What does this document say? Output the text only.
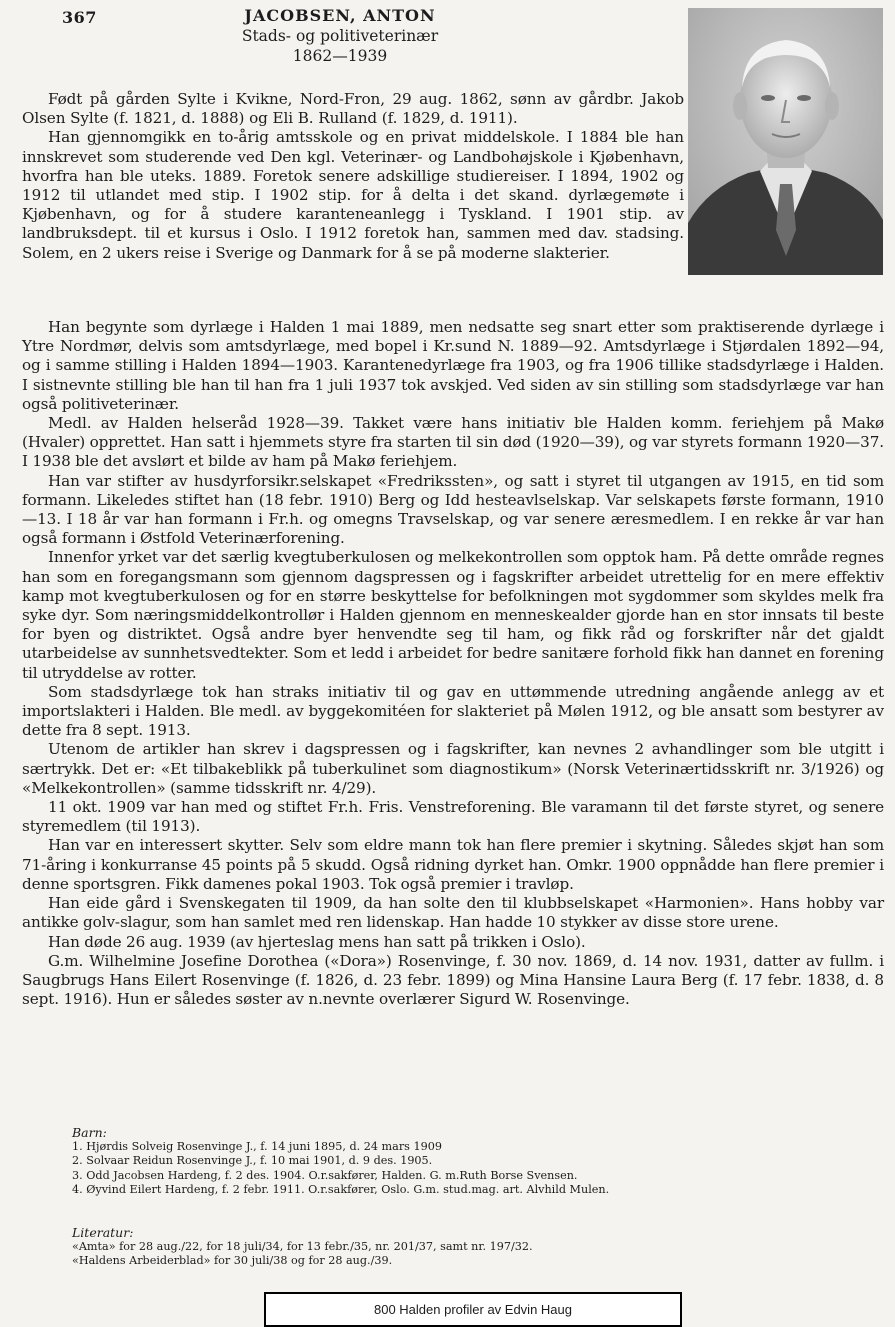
367	JACOBSEN, ANTON
Stads- og politiveterinær
1862—1939

Født på gården Sylte i Kvikne, Nord-Fron, 29 aug. 1862, sønn av gårdbr. Jakob Olsen Sylte (f. 1821, d. 1888) og Eli B. Rulland (f. 1829, d. 1911).

Han gjennomgikk en to-årig amtsskole og en privat middelskole. I 1884 ble han innskrevet som studerende ved Den kgl. Veterinær- og Landbohøjskole i Kjøbenhavn, hvorfra han ble uteks. 1889. Foretok senere adskillige studiereiser. I 1894, 1902 og 1912 til utlandet med stip. I 1902 stip. for å delta i det skand. dyrlægemøte i Kjøbenhavn, og for å studere karanteneanlegg i Tyskland. I 1901 stip. av landbruksdept. til et kursus i Oslo. I 1912 foretok han, sammen med dav. stadsing. Solem, en 2 ukers reise i Sverige og Danmark for å se på moderne slakterier.

Han begynte som dyrlæge i Halden 1 mai 1889, men nedsatte seg snart etter som praktiserende dyrlæge i Ytre Nordmør, delvis som amtsdyrlæge, med bopel i Kr.sund N. 1889—92. Amtsdyrlæge i Stjørdalen 1892—94, og i samme stilling i Halden 1894—1903. Karantenedyrlæge fra 1903, og fra 1906 tillike stadsdyrlæge i Halden. I sistnevnte stilling ble han til han fra 1 juli 1937 tok avskjed. Ved siden av sin stilling som stadsdyrlæge var han også politiveterinær.

Medl. av Halden helseråd 1928—39. Takket være hans initiativ ble Halden komm. feriehjem på Makø (Hvaler) opprettet. Han satt i hjemmets styre fra starten til sin død (1920—39), og var styrets formann 1920—37. I 1938 ble det avslørt et bilde av ham på Makø feriehjem.

Han var stifter av husdyrforsikr.selskapet «Fredrikssten», og satt i styret til utgangen av 1915, en tid som formann. Likeledes stiftet han (18 febr. 1910) Berg og Idd hesteavlselskap. Var selskapets første formann, 1910—13. I 18 år var han formann i Fr.h. og omegns Travselskap, og var senere æresmedlem. I en rekke år var han også formann i Østfold Veterinærforening.

Innenfor yrket var det særlig kvegtuberkulosen og melkekontrollen som opptok ham. På dette område regnes han som en foregangsmann som gjennom dagspressen og i fagskrifter arbeidet utrettelig for en mere effektiv kamp mot kvegtuberkulosen og for en større beskyttelse for befolkningen mot sygdommer som skyldes melk fra syke dyr. Som næringsmiddelkontrollør i Halden gjennom en menneskealder gjorde han en stor innsats til beste for byen og distriktet. Også andre byer henvendte seg til ham, og fikk råd og forskrifter når det gjaldt utarbeidelse av sunnhetsvedtekter. Som et ledd i arbeidet for bedre sanitære forhold fikk han dannet en forening til utryddelse av rotter.

Som stadsdyrlæge tok han straks initiativ til og gav en uttømmende utredning angående anlegg av et importslakteri i Halden. Ble medl. av byggekomitéen for slakteriet på Mølen 1912, og ble ansatt som bestyrer av dette fra 8 sept. 1913.

Utenom de artikler han skrev i dagspressen og i fagskrifter, kan nevnes 2 avhandlinger som ble utgitt i særtrykk. Det er: «Et tilbakeblikk på tuberkulinet som diagnostikum» (Norsk Veterinærtidsskrift nr. 3/1926) og «Melkekontrollen» (samme tidsskrift nr. 4/29).

11 okt. 1909 var han med og stiftet Fr.h. Fris. Venstreforening. Ble varamann til det første styret, og senere styremedlem (til 1913).

Han var en interessert skytter. Selv som eldre mann tok han flere premier i skytning. Således skjøt han som 71-åring i konkurranse 45 points på 5 skudd. Også ridning dyrket han. Omkr. 1900 oppnådde han flere premier i denne sportsgren. Fikk damenes pokal 1903. Tok også premier i travløp.

Han eide gård i Svenskegaten til 1909, da han solte den til klubbselskapet «Harmonien». Hans hobby var antikke golv-slagur, som han samlet med ren lidenskap. Han hadde 10 stykker av disse store urene.

Han døde 26 aug. 1939 (av hjerteslag mens han satt på trikken i Oslo).

G.m. Wilhelmine Josefine Dorothea («Dora») Rosenvinge, f. 30 nov. 1869, d. 14 nov. 1931, datter av fullm. i Saugbrugs Hans Eilert Rosenvinge (f. 1826, d. 23 febr. 1899) og Mina Hansine Laura Berg (f. 17 febr. 1838, d. 8 sept. 1916). Hun er således søster av n.nevnte overlærer Sigurd W. Rosenvinge.

Barn:
1. Hjørdis Solveig Rosenvinge J., f. 14 juni 1895, d. 24 mars 1909
2. Solvaar Reidun Rosenvinge J., f. 10 mai 1901, d. 9 des. 1905.
3. Odd Jacobsen Hardeng, f. 2 des. 1904. O.r.sakfører, Halden. G. m.Ruth Borse Svensen.
4. Øyvind Eilert Hardeng, f. 2 febr. 1911. O.r.sakfører, Oslo. G.m. stud.mag. art. Alvhild Mulen.
Literatur:
«Amta» for 28 aug./22, for 18 juli/34, for 13 febr./35, nr. 201/37, samt nr. 197/32.
«Haldens Arbeiderblad» for 30 juli/38 og for 28 aug./39.
800 Halden profiler av Edvin Haug
